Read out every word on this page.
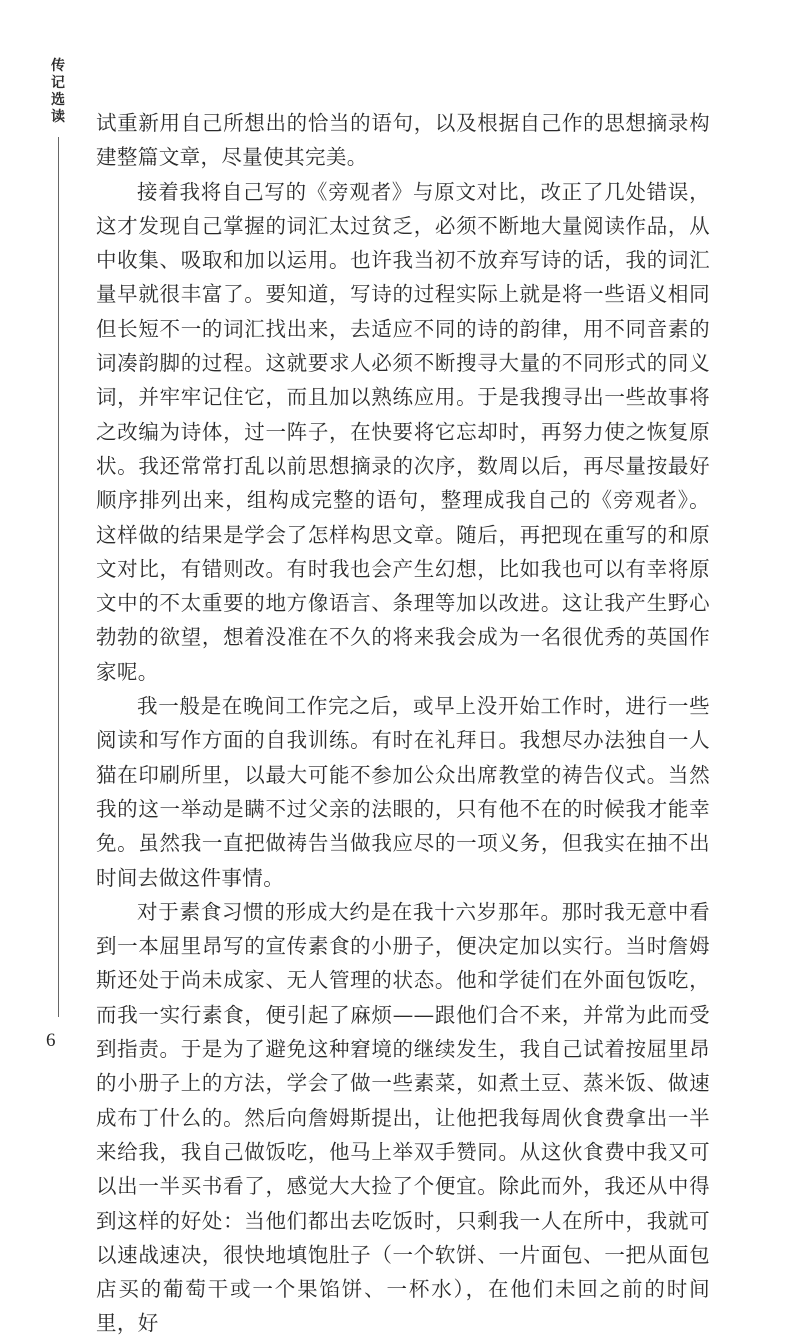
传
记
选
读 试重新用自己所想出的恰当的语句，以及根据自己作的思想摘录构建整篇文章，尽量使其完美。

接着我将自己写的《旁观者》与原文对比，改正了几处错误，这才发现自己掌握的词汇太过贫乏，必须不断地大量阅读作品，从中收集、吸取和加以运用。也许我当初不放弃写诗的话，我的词汇量早就很丰富了。要知道，写诗的过程实际上就是将一些语义相同但长短不一的词汇找出来，去适应不同的诗的韵律，用不同音素的词凑韵脚的过程。这就要求人必须不断搜寻大量的不同形式的同义词，并牢牢记住它，而且加以熟练应用。于是我搜寻出一些故事将之改编为诗体，过一阵子，在快要将它忘却时，再努力使之恢复原状。我还常常打乱以前思想摘录的次序，数周以后，再尽量按最好顺序排列出来，组构成完整的语句，整理成我自己的《旁观者》。这样做的结果是学会了怎样构思文章。随后，再把现在重写的和原文对比，有错则改。有时我也会产生幻想，比如我也可以有幸将原文中的不太重要的地方像语言、条理等加以改进。这让我产生野心勃勃的欲望，想着没准在不久的将来我会成为一名很优秀的英国作家呢。

我一般是在晚间工作完之后，或早上没开始工作时，进行一些阅读和写作方面的自我训练。有时在礼拜日。我想尽办法独自一人猫在印刷所里，以最大可能不参加公众出席教堂的祷告仪式。当然我的这一举动是瞒不过父亲的法眼的，只有他不在的时候我才能幸免。虽然我一直把做祷告当做我应尽的一项义务，但我实在抽不出时间去做这件事情。

对于素食习惯的形成大约是在我十六岁那年。那时我无意中看到一本屈里昂写的宣传素食的小册子，便决定加以实行。当时詹姆斯还处于尚未成家、无人管理的状态。他和学徒们在外面包饭吃，而我一实行素食，便引起了麻烦——跟他们合不来，并常为此而受到指责。于是为了避免这种窘境的继续发生，我自己试着按屈里昂的小册子上的方法，学会了做一些素菜，如煮土豆、蒸米饭、做速成布丁什么的。然后向詹姆斯提出，让他把我每周伙食费拿出一半来给我，我自己做饭吃，他马上举双手赞同。从这伙食费中我又可以出一半买书看了，感觉大大捡了个便宜。除此而外，我还从中得到这样的好处：当他们都出去吃饭时，只剩我一人在所中，我就可以速战速决，很快地填饱肚子（一个软饼、一片面包、一把从面包店买的葡萄干或一个果馅饼、一杯水），在他们未回之前的时间里，好

6
